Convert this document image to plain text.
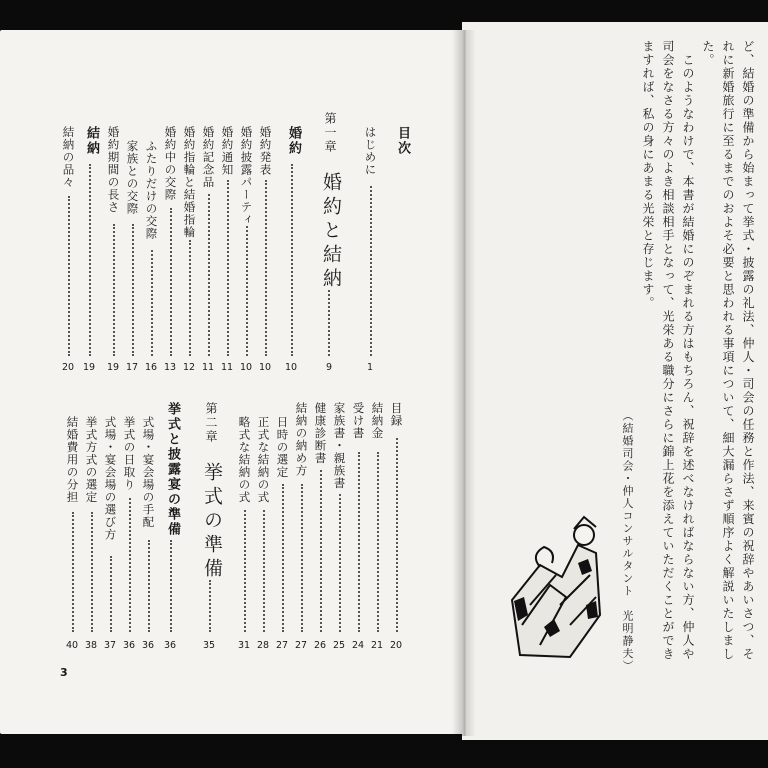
目次
はじめに
1
第一章
婚約と結納
9
婚約
10
婚約発表
10
婚約披露パーティ
10
婚約通知
11
婚約記念品
11
婚約指輪と結婚指輪
12
婚約中の交際
13
ふたりだけの交際
16
家族との交際
17
婚約期間の長さ
19
結納
19
結納の品々
20
目録
20
結納金
21
受け書
24
家族書・親族書
25
健康診断書
26
結納の納め方
27
日時の選定
27
正式な結納の式
28
略式な結納の式
31
第二章
挙式の準備
35
挙式と披露宴の準備
36
式場・宴会場の手配
36
挙式の日取り
36
式場・宴会場の選び方
37
挙式方式の選定
38
結婚費用の分担
40
3
ど、結婚の準備から始まって挙式・披露の礼法、仲人・司会の任務と作法、来賓の祝辞やあいさつ、そ
れに新婚旅行に至るまでのおよそ必要と思われる事項について、細大漏らさず順序よく解説いたしまし
た。
　このようなわけで、本書が結婚にのぞまれる方はもちろん、祝辞を述べなければならない方、仲人や
司会をなさる方々のよき相談相手となって、光栄ある職分にさらに錦上花を添えていただくことができ
ますれば、私の身にあまる光栄と存じます。
（結婚司会・仲人コンサルタント　光明静夫）
